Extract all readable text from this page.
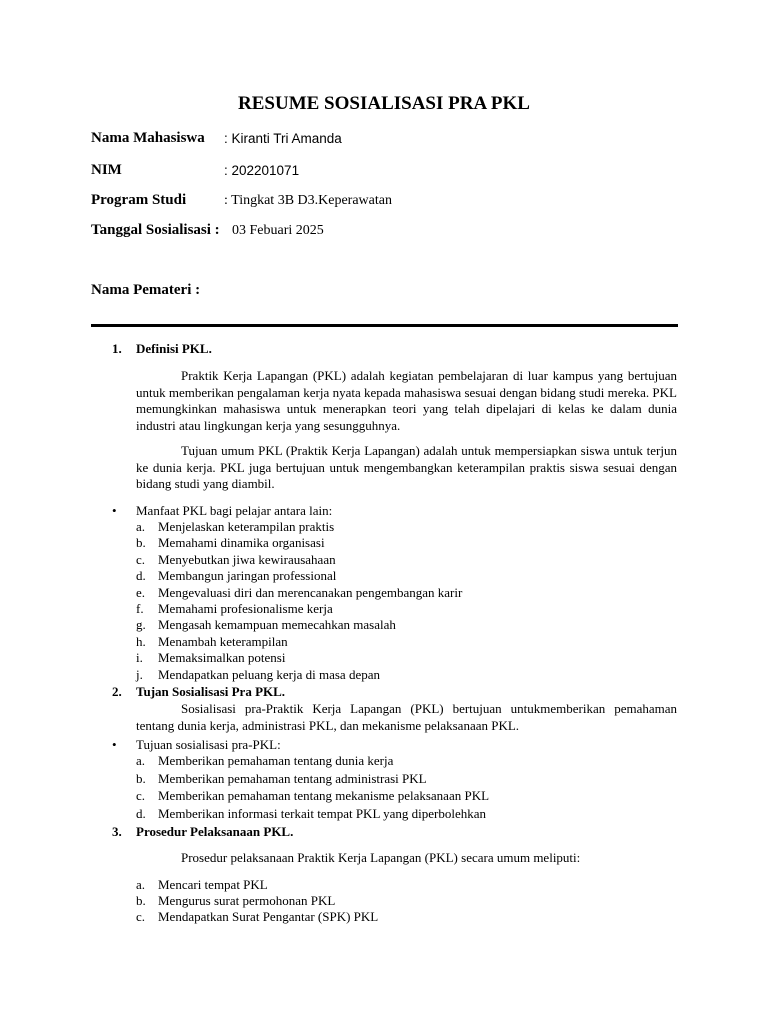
RESUME SOSIALISASI PRA PKL
Nama Mahasiswa : Kiranti Tri Amanda
NIM	: 202201071
Program Studi	: Tingkat 3B D3.Keperawatan
Tanggal Sosialisasi : 03 Febuari 2025
Nama Pemateri :
1. Definisi PKL.

Praktik Kerja Lapangan (PKL) adalah kegiatan pembelajaran di luar kampus yang bertujuan untuk memberikan pengalaman kerja nyata kepada mahasiswa sesuai dengan bidang studi mereka. PKL memungkinkan mahasiswa untuk menerapkan teori yang telah dipelajari di kelas ke dalam dunia industri atau lingkungan kerja yang sesungguhnya.

Tujuan umum PKL (Praktik Kerja Lapangan) adalah untuk mempersiapkan siswa untuk terjun ke dunia kerja. PKL juga bertujuan untuk mengembangkan keterampilan praktis siswa sesuai dengan bidang studi yang diambil.

• Manfaat PKL bagi pelajar antara lain:
a. Menjelaskan keterampilan praktis
b. Memahami dinamika organisasi
c. Menyebutkan jiwa kewirausahaan
d. Membangun jaringan professional
e. Mengevaluasi diri dan merencanakan pengembangan karir
f. Memahami profesionalisme kerja
g. Mengasah kemampuan memecahkan masalah
h. Menambah keterampilan
i. Memaksimalkan potensi
j. Mendapatkan peluang kerja di masa depan
2. Tujan Sosialisasi Pra PKL.

Sosialisasi pra-Praktik Kerja Lapangan (PKL) bertujuan untukmemberikan pemahaman tentang dunia kerja, administrasi PKL, dan mekanisme pelaksanaan PKL.

• Tujuan sosialisasi pra-PKL:
a. Memberikan pemahaman tentang dunia kerja
b. Memberikan pemahaman tentang administrasi PKL
c. Memberikan pemahaman tentang mekanisme pelaksanaan PKL
d. Memberikan informasi terkait tempat PKL yang diperbolehkan
3. Prosedur Pelaksanaan PKL.
Prosedur pelaksanaan Praktik Kerja Lapangan (PKL) secara umum meliputi:
a. Mencari tempat PKL
b. Mengurus surat permohonan PKL
c. Mendapatkan Surat Pengantar (SPK) PKL
